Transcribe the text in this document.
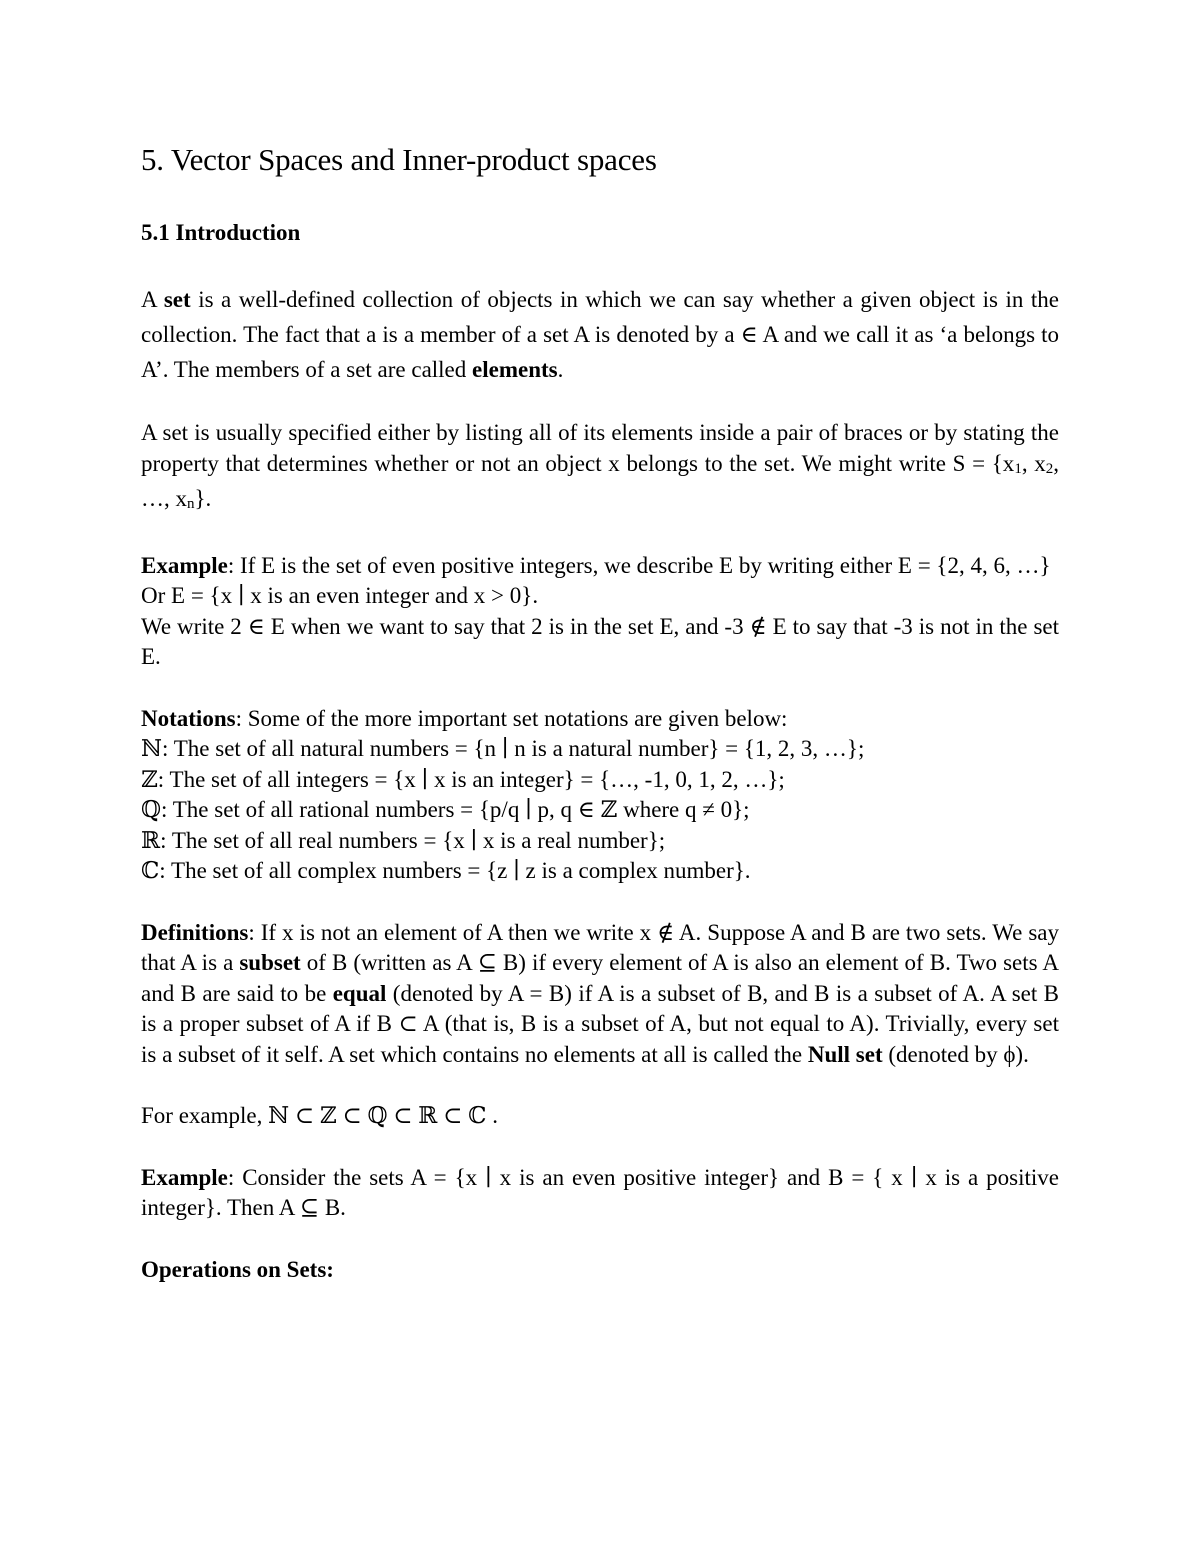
5. Vector Spaces and Inner-product spaces
5.1 Introduction

A set is a well-defined collection of objects in which we can say whether a given object is in the collection. The fact that a is a member of a set A is denoted by a ∈ A and we call it as ‘a belongs to A’. The members of a set are called elements.

A set is usually specified either by listing all of its elements inside a pair of braces or by stating the property that determines whether or not an object x belongs to the set. We might write S = {x1, x2, …, xn}.

Example: If E is the set of even positive integers, we describe E by writing either E = {2, 4, 6, …}
Or E = {x ∣ x is an even integer and x > 0}.
We write 2 ∈ E when we want to say that 2 is in the set E, and -3 ∉ E to say that -3 is not in the set E.

Notations: Some of the more important set notations are given below:
ℕ: The set of all natural numbers = {n ∣ n is a natural number} = {1, 2, 3, …};
ℤ: The set of all integers = {x ∣ x is an integer} = {…, -1, 0, 1, 2, …};
ℚ: The set of all rational numbers = {p/q ∣ p, q ∈ ℤ where q ≠ 0};
ℝ: The set of all real numbers = {x ∣ x is a real number};
ℂ: The set of all complex numbers = {z ∣ z is a complex number}.

Definitions: If x is not an element of A then we write x ∉ A. Suppose A and B are two sets. We say that A is a subset of B (written as A ⊆ B) if every element of A is also an element of B. Two sets A and B are said to be equal (denoted by A = B) if A is a subset of B, and B is a subset of A. A set B is a proper subset of A if B ⊂ A (that is, B is a subset of A, but not equal to A). Trivially, every set is a subset of it self. A set which contains no elements at all is called the Null set (denoted by ϕ).

For example, ℕ ⊂ ℤ ⊂ ℚ ⊂ ℝ ⊂ ℂ .

Example: Consider the sets A = {x ∣ x is an even positive integer} and B = { x ∣ x is a positive integer}. Then A ⊆ B.

Operations on Sets:
